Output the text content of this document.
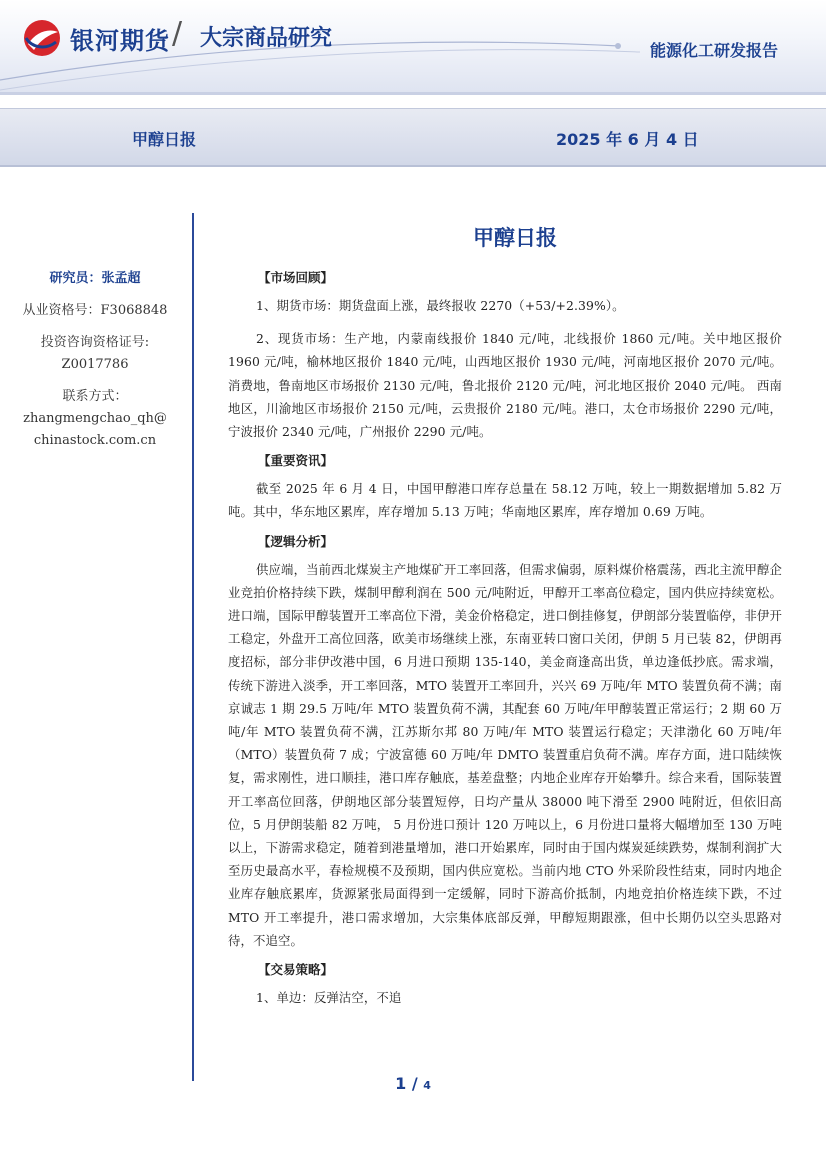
银河期货 / 大宗商品研究	能源化工研发报告
甲醇日报	2025 年 6 月 4 日
研究员：张孟超
从业资格号：F3068848
投资咨询资格证号:
Z0017786
联系方式：
zhangmengchao_qh@
chinastock.com.cn
甲醇日报
【市场回顾】

1、期货市场：期货盘面上涨，最终报收 2270（+53/+2.39%）。

2、现货市场：生产地，内蒙南线报价 1840 元/吨，北线报价 1860 元/吨。关中地区报价 1960 元/吨，榆林地区报价 1840 元/吨，山西地区报价 1930 元/吨，河南地区报价 2070 元/吨。消费地，鲁南地区市场报价 2130 元/吨，鲁北报价 2120 元/吨，河北地区报价 2040 元/吨。 西南地区，川渝地区市场报价 2150 元/吨，云贵报价 2180 元/吨。港口，太仓市场报价 2290 元/吨，宁波报价 2340 元/吨，广州报价 2290 元/吨。

【重要资讯】

截至 2025 年 6 月 4 日，中国甲醇港口库存总量在 58.12 万吨，较上一期数据增加 5.82 万吨。其中，华东地区累库，库存增加 5.13 万吨；华南地区累库，库存增加 0.69 万吨。

【逻辑分析】

供应端，当前西北煤炭主产地煤矿开工率回落，但需求偏弱，原料煤价格震荡，西北主流甲醇企业竞拍价格持续下跌，煤制甲醇利润在 500 元/吨附近，甲醇开工率高位稳定，国内供应持续宽松。进口端，国际甲醇装置开工率高位下滑，美金价格稳定，进口倒挂修复，伊朗部分装置临停，非伊开工稳定，外盘开工高位回落，欧美市场继续上涨，东南亚转口窗口关闭，伊朗 5 月已装 82，伊朗再度招标，部分非伊改港中国，6 月进口预期 135-140，美金商逢高出货，单边逢低抄底。需求端，传统下游进入淡季，开工率回落，MTO 装置开工率回升，兴兴 69 万吨/年 MTO 装置负荷不满；南京诚志 1 期 29.5 万吨/年 MTO 装置负荷不满，其配套 60 万吨/年甲醇装置正常运行；2 期 60 万吨/年 MTO 装置负荷不满，江苏斯尔邦 80 万吨/年 MTO 装置运行稳定；天津渤化 60 万吨/年（MTO）装置负荷 7 成；宁波富德 60 万吨/年 DMTO 装置重启负荷不满。库存方面，进口陆续恢复，需求刚性，进口顺挂，港口库存触底，基差盘整；内地企业库存开始攀升。综合来看，国际装置开工率高位回落，伊朗地区部分装置短停，日均产量从 38000 吨下滑至 2900 吨附近，但依旧高位，5 月伊朗装船 82 万吨， 5 月份进口预计 120 万吨以上，6 月份进口量将大幅增加至 130 万吨以上，下游需求稳定，随着到港量增加，港口开始累库，同时由于国内煤炭延续跌势，煤制利润扩大至历史最高水平，春检规模不及预期，国内供应宽松。当前内地 CTO 外采阶段性结束，同时内地企业库存触底累库，货源紧张局面得到一定缓解，同时下游高价抵制，内地竞拍价格连续下跌，不过 MTO 开工率提升，港口需求增加，大宗集体底部反弹，甲醇短期跟涨，但中长期仍以空头思路对待，不追空。

【交易策略】

1、单边：反弹沽空，不追

1 / 4
